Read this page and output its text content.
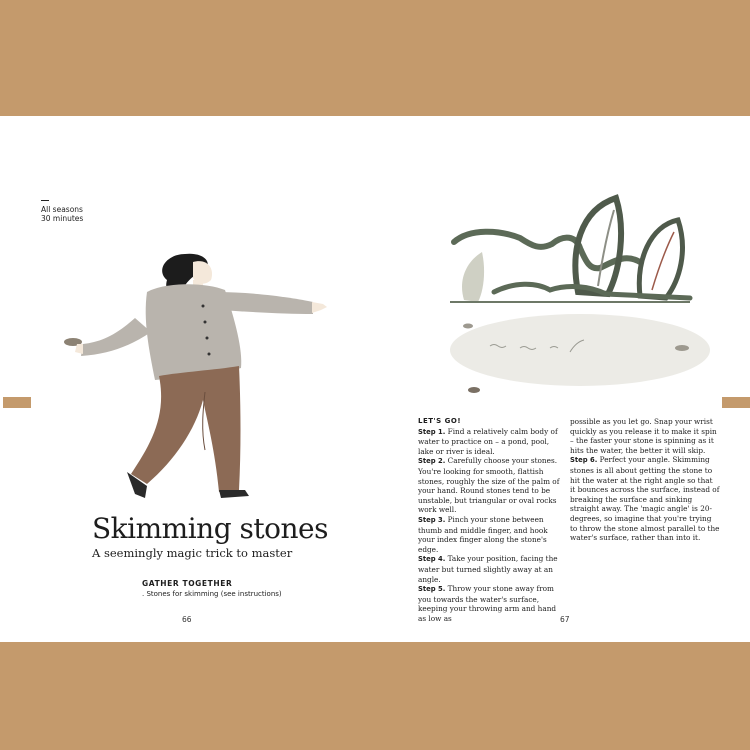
All seasons
30 minutes
Skimming stones
A seemingly magic trick to master
GATHER TOGETHER
. Stones for skimming (see instructions)
66
LET'S GO!

Step 1. Find a relatively calm body of water to practice on – a pond, pool, lake or river is ideal.

Step 2. Carefully choose your stones. You're looking for smooth, flattish stones, roughly the size of the palm of your hand. Round stones tend to be unstable, but triangular or oval rocks work well.

Step 3. Pinch your stone between thumb and middle finger, and hook your index finger along the stone's edge.

Step 4. Take your position, facing the water but turned slightly away at an angle.

Step 5. Throw your stone away from you towards the water's surface, keeping your throwing arm and hand as low as

possible as you let go. Snap your wrist quickly as you release it to make it spin – the faster your stone is spinning as it hits the water, the better it will skip.

Step 6. Perfect your angle. Skimming stones is all about getting the stone to hit the water at the right angle so that it bounces across the surface, instead of breaking the surface and sinking straight away. The 'magic angle' is 20-degrees, so imagine that you're trying to throw the stone almost parallel to the water's surface, rather than into it.

67
